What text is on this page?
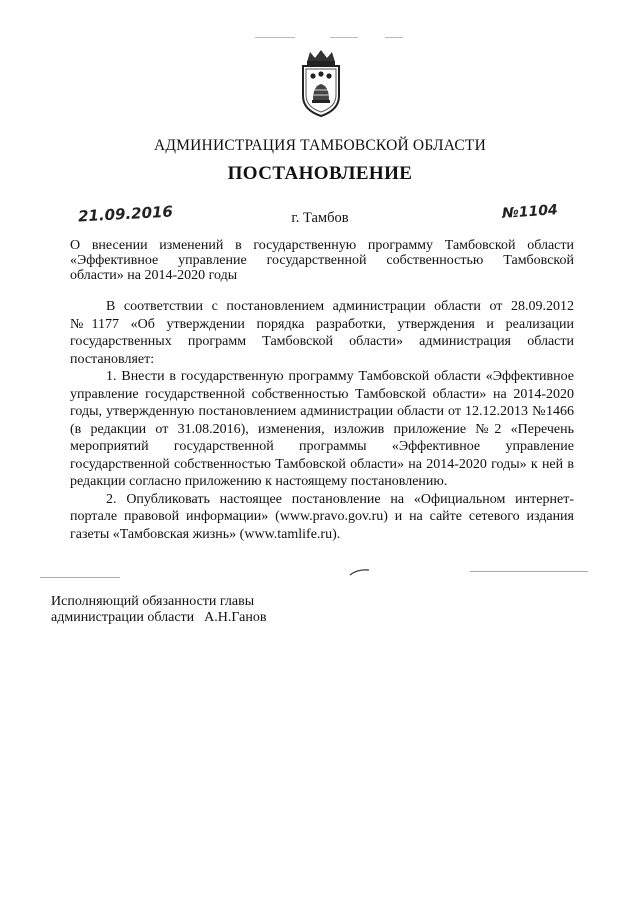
АДМИНИСТРАЦИЯ ТАМБОВСКОЙ ОБЛАСТИ
ПОСТАНОВЛЕНИЕ
21.09.2016	г. Тамбов	№1104
О внесении изменений в государственную программу Тамбовской области
«Эффективное управление государственной собственностью Тамбовской
области» на 2014-2020 годы

В соответствии с постановлением администрации области от 28.09.2012 №1177 «Об утверждении порядка разработки, утверждения и реализации государственных программ Тамбовской области» администрация области постановляет:

1. Внести в государственную программу Тамбовской области «Эффективное управление государственной собственностью Тамбовской области» на 2014-2020 годы, утвержденную постановлением администрации области от 12.12.2013 №1466 (в редакции от 31.08.2016), изменения, изложив приложение №2 «Перечень мероприятий государственной программы «Эффективное управление государственной собственностью Тамбовской области» на 2014-2020 годы» к ней в редакции согласно приложению к настоящему постановлению.

2. Опубликовать настоящее постановление на «Официальном интернет-портале правовой информации» (www.pravo.gov.ru) и на сайте сетевого издания газеты «Тамбовская жизнь» (www.tamlife.ru).

Исполняющий обязанности главы
администрации области А.Н.Ганов
